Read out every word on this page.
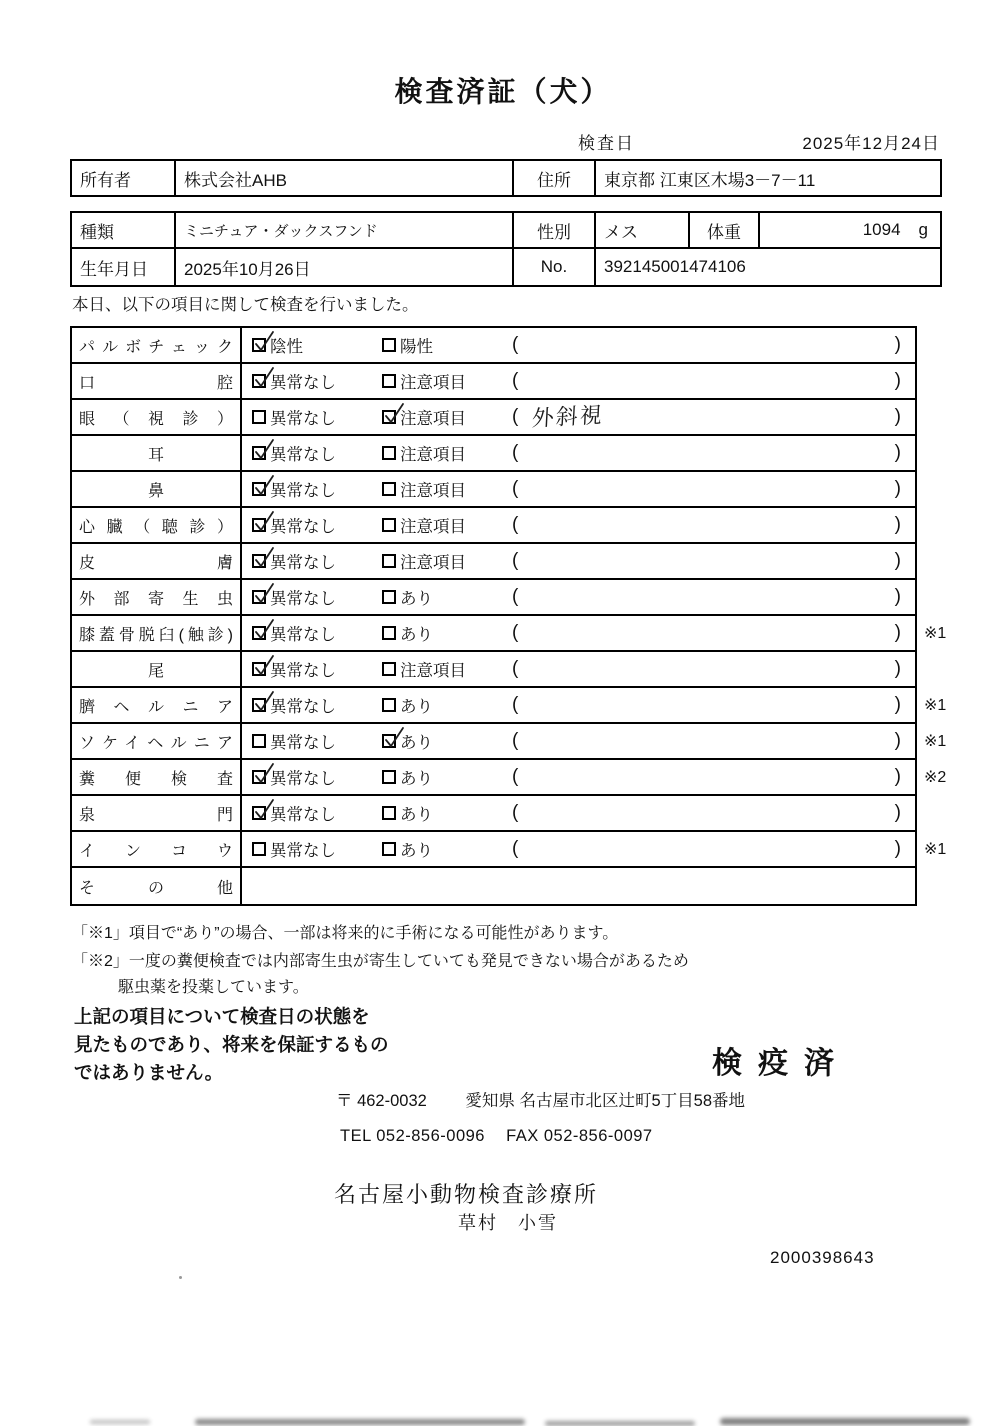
検査済証（犬）
検査日	2025年12月24日
所有者	株式会社AHB	住所	東京都 江東区木場3－7－11
種類	ミニチュア・ダックスフンド	性別	メス	体重	1094 g
生年月日	2025年10月26日	No.	392145001474106

本日、以下の項目に関して検査を行いました。

パルボチェック 陰性	陽性	(	)
口腔 異常なし	注意項目 (	)
眼（視診） 異常なし	注意項目 ( 外斜視	)
耳	異常なし	注意項目 (	)
鼻	異常なし	注意項目 (	)
心臓（聴診） 異常なし	注意項目 (	)
皮膚 異常なし	注意項目 (	)
外部寄生虫 異常なし	あり	(	)
膝蓋骨脱臼(触診) 異常なし	あり	(	) ※1
尾	異常なし	注意項目 (	)
臍ヘルニア 異常なし	あり	(	) ※1
ソケイヘルニア 異常なし	あり	(	) ※1
糞便検査 異常なし	あり	(	) ※2
泉門 異常なし	あり	(	)
インコウ 異常なし	あり	(	) ※1
その他

「※1」項目で“あり”の場合、一部は将来的に手術になる可能性があります。

「※2」一度の糞便検査では内部寄生虫が寄生していても発見できない場合があるため

駆虫薬を投薬しています。

上記の項目について検査日の状態を

見たものであり、将来を保証するもの

ではありません。	検疫済
〒 462-0032 愛知県 名古屋市北区辻町5丁目58番地
TEL 052-856-0096 FAX 052-856-0097
名古屋小動物検査診療所
草村　小雪
2000398643
